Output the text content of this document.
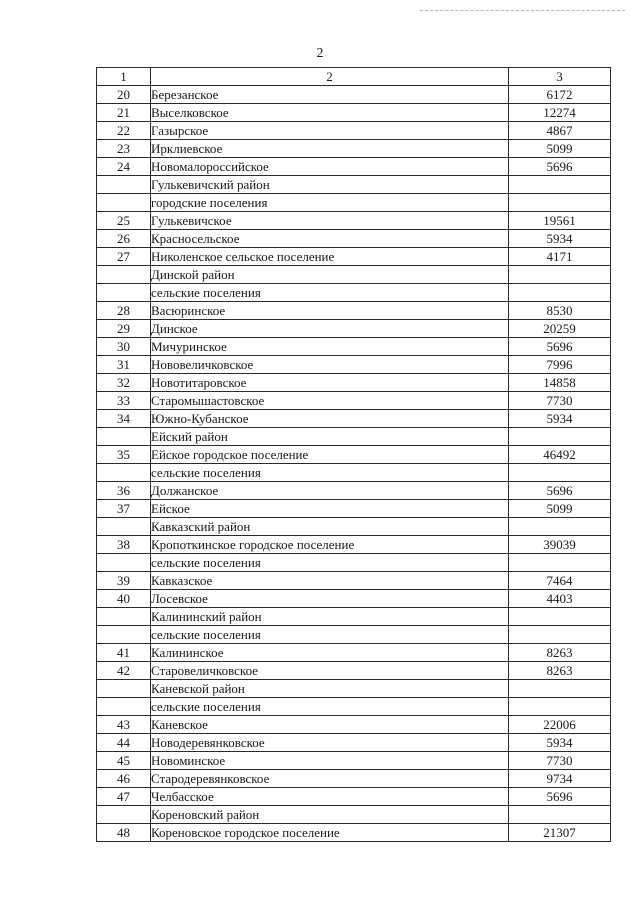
2
1	2	3
20	Березанское	6172
21	Выселковское	12274
22	Газырское	4867
23	Ирклиевское	5099
24	Новомалороссийское	5696
	Гулькевичский район	
	городские поселения	
25	Гулькевичское	19561
26	Красносельское	5934
27	Николенское сельское поселение	4171
	Динской район	
	сельские поселения	
28	Васюринское	8530
29	Динское	20259
30	Мичуринское	5696
31	Нововеличковское	7996
32	Новотитаровское	14858
33	Старомышастовское	7730
34	Южно-Кубанское	5934
	Ейский район	
35	Ейское городское поселение	46492
	сельские поселения	
36	Должанское	5696
37	Ейское	5099
	Кавказский район	
38	Кропоткинское городское поселение	39039
	сельские поселения	
39	Кавказское	7464
40	Лосевское	4403
	Калининский район	
	сельские поселения	
41	Калининское	8263
42	Старовеличковское	8263
	Каневской район	
	сельские поселения	
43	Каневское	22006
44	Новодеревянковское	5934
45	Новоминское	7730
46	Стародеревянковское	9734
47	Челбасское	5696
	Кореновский район	
48	Кореновское городское поселение	21307
